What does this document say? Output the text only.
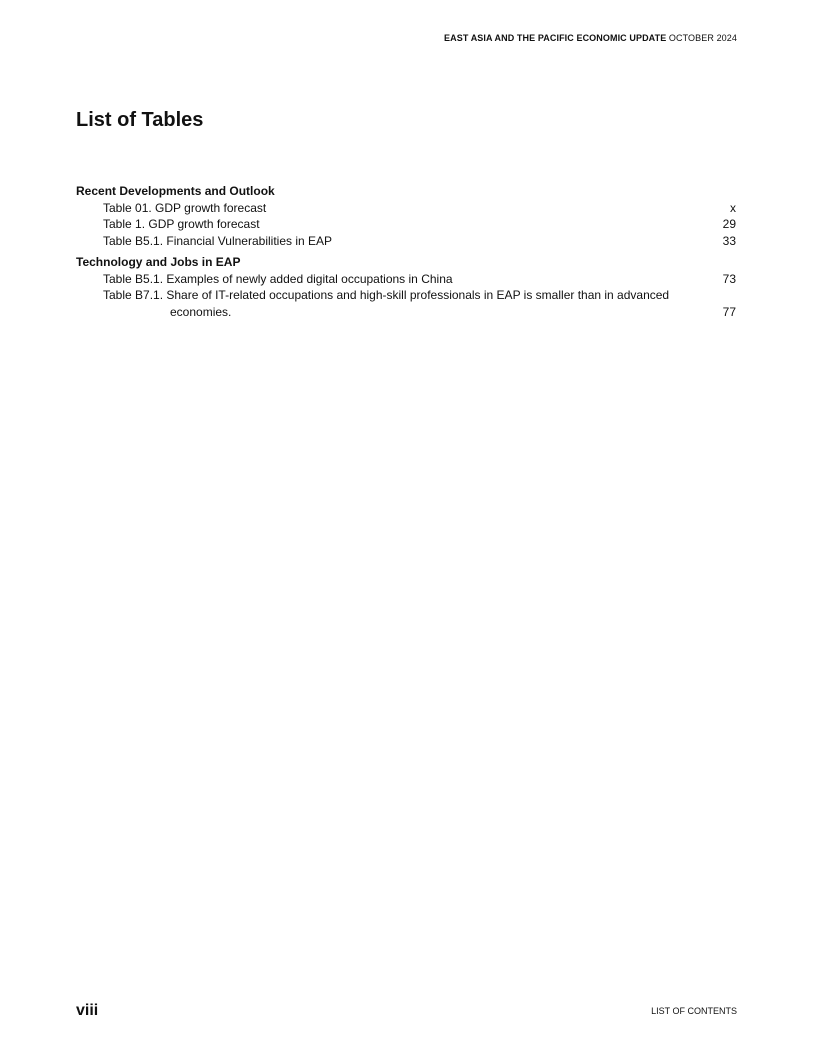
EAST ASIA AND THE PACIFIC ECONOMIC UPDATE OCTOBER 2024
List of Tables
Recent Developments and Outlook
Table 01. GDP growth forecast	x
Table 1. GDP growth forecast	29
Table B5.1. Financial Vulnerabilities in EAP	33
Technology and Jobs in EAP
Table B5.1. Examples of newly added digital occupations in China	73
Table B7.1. Share of IT-related occupations and high-skill professionals in EAP is smaller than in advanced economies.	77
viii	LIST OF CONTENTS
